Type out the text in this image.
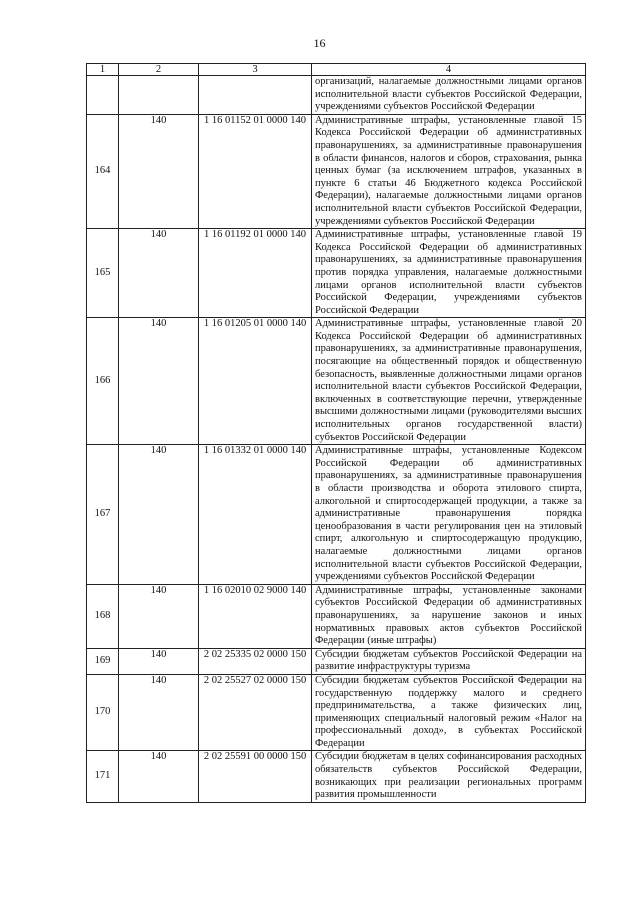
16
1	2	3	4
			организаций, налагаемые должностными лицами органов исполнительной власти субъектов Российской Федерации, учреждениями субъектов Российской Федерации
164	140	1 16 01152 01 0000 140	Административные штрафы, установленные главой 15 Кодекса Российской Федерации об административных правонарушениях, за административные правонарушения в области финансов, налогов и сборов, страхования, рынка ценных бумаг (за исключением штрафов, указанных в пункте 6 статьи 46 Бюджетного кодекса Российской Федерации), налагаемые должностными лицами органов исполнительной власти субъектов Российской Федерации, учреждениями субъектов Российской Федерации
165	140	1 16 01192 01 0000 140	Административные штрафы, установленные главой 19 Кодекса Российской Федерации об административных правонарушениях, за административные правонарушения против порядка управления, налагаемые должностными лицами органов исполнительной власти субъектов Российской Федерации, учреждениями субъектов Российской Федерации
166	140	1 16 01205 01 0000 140	Административные штрафы, установленные главой 20 Кодекса Российской Федерации об административных правонарушениях, за административные правонарушения, посягающие на общественный порядок и общественную безопасность, выявленные должностными лицами органов исполнительной власти субъектов Российской Федерации, включенных в соответствующие перечни, утвержденные высшими должностными лицами (руководителями высших исполнительных органов государственной власти) субъектов Российской Федерации
167	140	1 16 01332 01 0000 140	Административные штрафы, установленные Кодексом Российской Федерации об административных правонарушениях, за административные правонарушения в области производства и оборота этилового спирта, алкогольной и спиртосодержащей продукции, а также за административные правонарушения порядка ценообразования в части регулирования цен на этиловый спирт, алкогольную и спиртосодержащую продукцию, налагаемые должностными лицами органов исполнительной власти субъектов Российской Федерации, учреждениями субъектов Российской Федерации
168	140	1 16 02010 02 9000 140	Административные штрафы, установленные законами субъектов Российской Федерации об административных правонарушениях, за нарушение законов и иных нормативных правовых актов субъектов Российской Федерации (иные штрафы)
169	140	2 02 25335 02 0000 150	Субсидии бюджетам субъектов Российской Федерации на развитие инфраструктуры туризма
170	140	2 02 25527 02 0000 150	Субсидии бюджетам субъектов Российской Федерации на государственную поддержку малого и среднего предпринимательства, а также физических лиц, применяющих специальный налоговый режим «Налог на профессиональный доход», в субъектах Российской Федерации
171	140	2 02 25591 00 0000 150	Субсидии бюджетам в целях софинансирования расходных обязательств субъектов Российской Федерации, возникающих при реализации региональных программ развития промышленности
